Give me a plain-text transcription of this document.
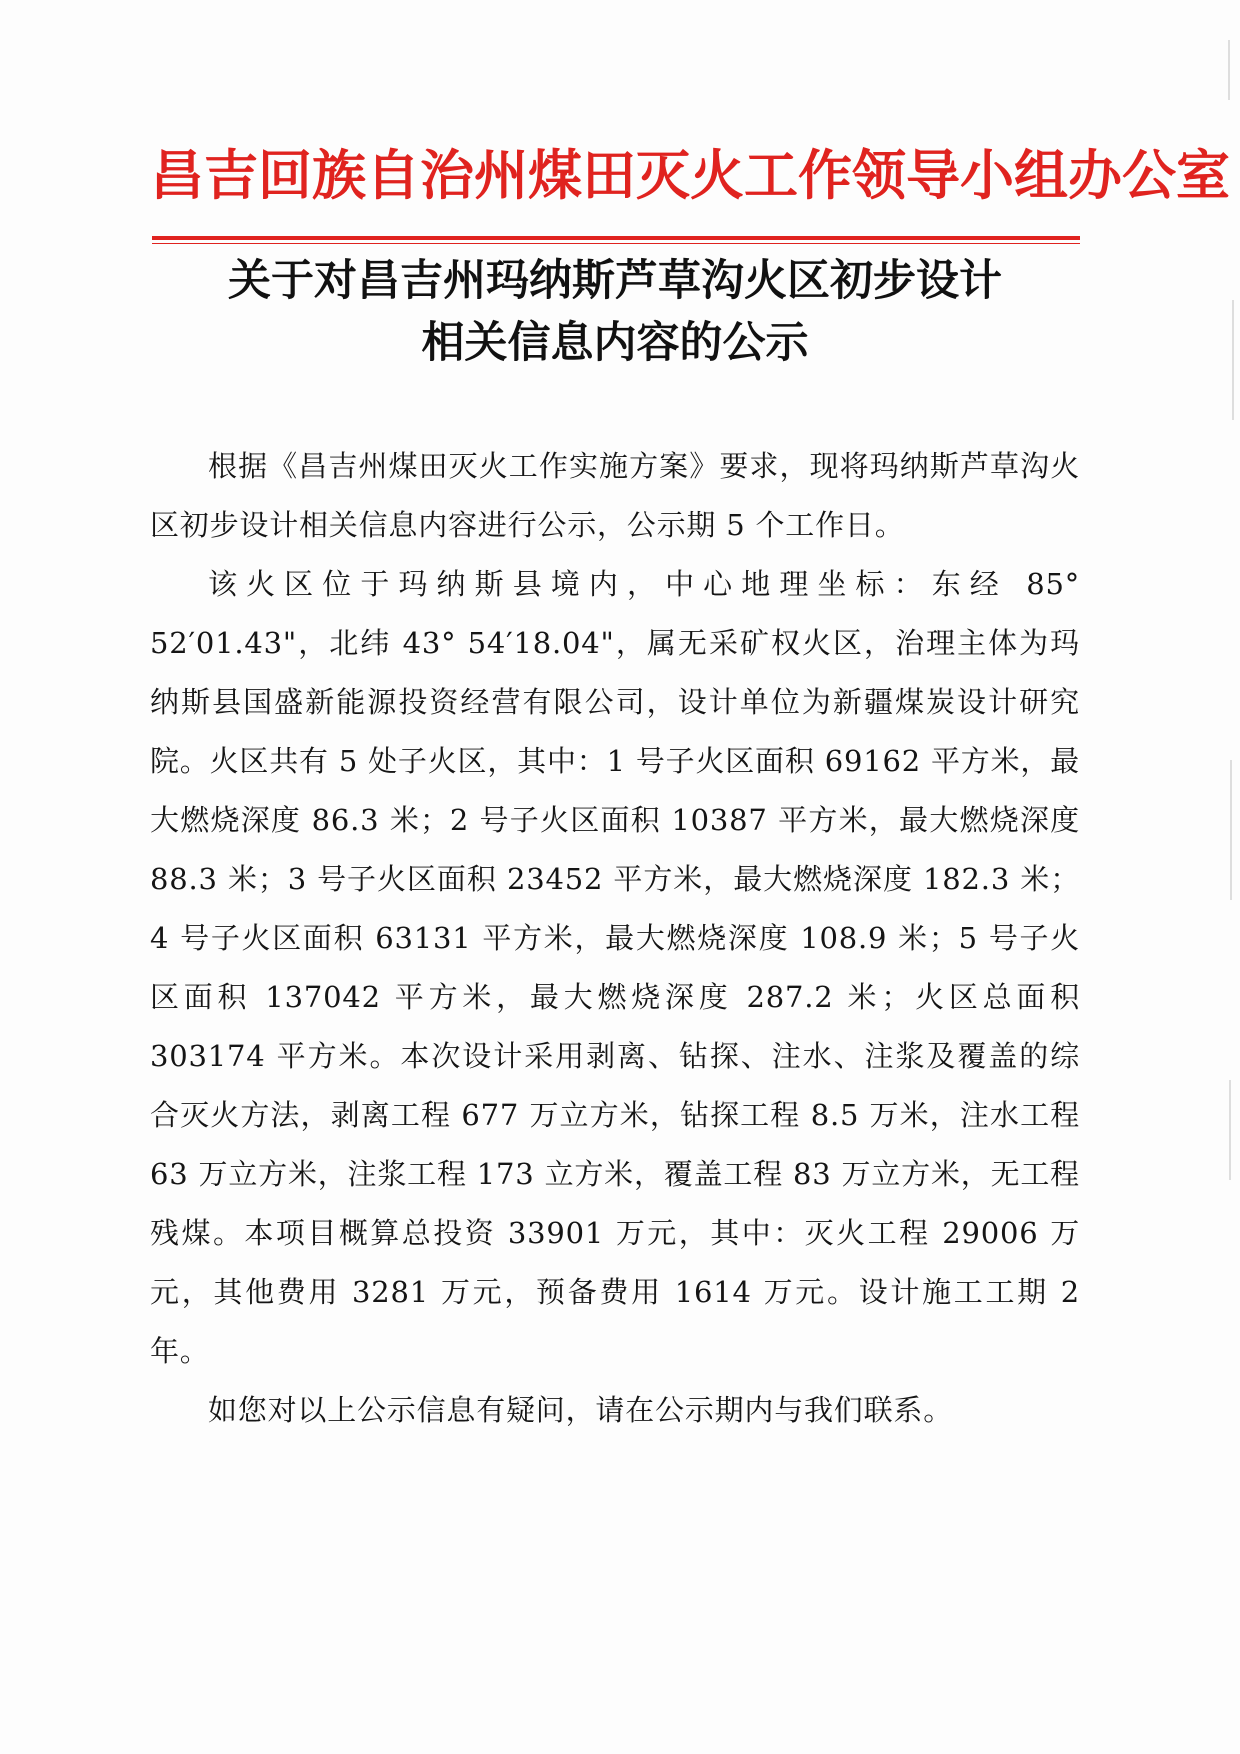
昌吉回族自治州煤田灭火工作领导小组办公室
关于对昌吉州玛纳斯芦草沟火区初步设计
相关信息内容的公示

根据《昌吉州煤田灭火工作实施方案》要求，现将玛纳斯芦草沟火区初步设计相关信息内容进行公示，公示期 5 个工作日。

该火区位于玛纳斯县境内，中心地理坐标：东经 85° 52′01.43"，北纬 43° 54′18.04"，属无采矿权火区，治理主体为玛纳斯县国盛新能源投资经营有限公司，设计单位为新疆煤炭设计研究院。火区共有 5 处子火区，其中：1 号子火区面积 69162 平方米，最大燃烧深度 86.3 米；2 号子火区面积 10387 平方米，最大燃烧深度 88.3 米；3 号子火区面积 23452 平方米，最大燃烧深度 182.3 米；4 号子火区面积 63131 平方米，最大燃烧深度 108.9 米；5 号子火区面积 137042 平方米，最大燃烧深度 287.2 米；火区总面积 303174 平方米。本次设计采用剥离、钻探、注水、注浆及覆盖的综合灭火方法，剥离工程 677 万立方米，钻探工程 8.5 万米，注水工程 63 万立方米，注浆工程 173 立方米，覆盖工程 83 万立方米，无工程残煤。本项目概算总投资 33901 万元，其中：灭火工程 29006 万元，其他费用 3281 万元，预备费用 1614 万元。设计施工工期 2 年。

如您对以上公示信息有疑问，请在公示期内与我们联系。
